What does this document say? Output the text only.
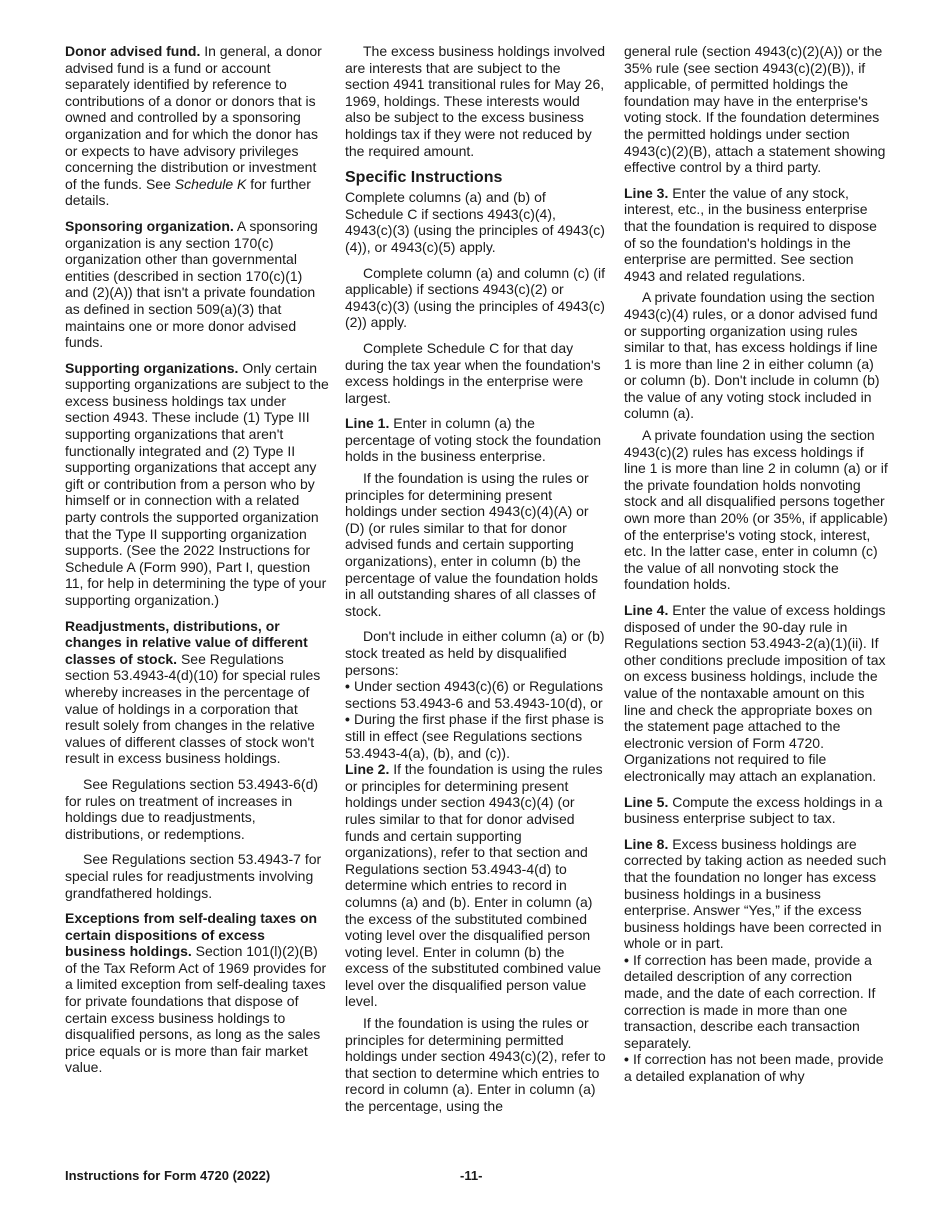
Donor advised fund. In general, a donor advised fund is a fund or account separately identified by reference to contributions of a donor or donors that is owned and controlled by a sponsoring organization and for which the donor has or expects to have advisory privileges concerning the distribution or investment of the funds. See Schedule K for further details.

Sponsoring organization. A sponsoring organization is any section 170(c) organization other than governmental entities (described in section 170(c)(1) and (2)(A)) that isn't a private foundation as defined in section 509(a)(3) that maintains one or more donor advised funds.

Supporting organizations. Only certain supporting organizations are subject to the excess business holdings tax under section 4943. These include (1) Type III supporting organizations that aren't functionally integrated and (2) Type II supporting organizations that accept any gift or contribution from a person who by himself or in connection with a related party controls the supported organization that the Type II supporting organization supports. (See the 2022 Instructions for Schedule A (Form 990), Part I, question 11, for help in determining the type of your supporting organization.)

Readjustments, distributions, or changes in relative value of different classes of stock. See Regulations section 53.4943-4(d)(10) for special rules whereby increases in the percentage of value of holdings in a corporation that result solely from changes in the relative values of different classes of stock won't result in excess business holdings.

See Regulations section 53.4943-6(d) for rules on treatment of increases in holdings due to readjustments, distributions, or redemptions.

See Regulations section 53.4943-7 for special rules for readjustments involving grandfathered holdings.

Exceptions from self-dealing taxes on certain dispositions of excess business holdings. Section 101(l)(2)(B) of the Tax Reform Act of 1969 provides for a limited exception from self-dealing taxes for private foundations that dispose of certain excess business holdings to disqualified persons, as long as the sales price equals or is more than fair market value.

The excess business holdings involved are interests that are subject to the section 4941 transitional rules for May 26, 1969, holdings. These interests would also be subject to the excess business holdings tax if they were not reduced by the required amount.

Specific Instructions

Complete columns (a) and (b) of Schedule C if sections 4943(c)(4), 4943(c)(3) (using the principles of 4943(c)(4)), or 4943(c)(5) apply.

Complete column (a) and column (c) (if applicable) if sections 4943(c)(2) or 4943(c)(3) (using the principles of 4943(c)(2)) apply.

Complete Schedule C for that day during the tax year when the foundation's excess holdings in the enterprise were largest.

Line 1. Enter in column (a) the percentage of voting stock the foundation holds in the business enterprise.

If the foundation is using the rules or principles for determining present holdings under section 4943(c)(4)(A) or (D) (or rules similar to that for donor advised funds and certain supporting organizations), enter in column (b) the percentage of value the foundation holds in all outstanding shares of all classes of stock.

Don't include in either column (a) or (b) stock treated as held by disqualified persons:

• Under section 4943(c)(6) or Regulations sections 53.4943-6 and 53.4943-10(d), or

• During the first phase if the first phase is still in effect (see Regulations sections 53.4943-4(a), (b), and (c)).

Line 2. If the foundation is using the rules or principles for determining present holdings under section 4943(c)(4) (or rules similar to that for donor advised funds and certain supporting organizations), refer to that section and Regulations section 53.4943-4(d) to determine which entries to record in columns (a) and (b). Enter in column (a) the excess of the substituted combined voting level over the disqualified person voting level. Enter in column (b) the excess of the substituted combined value level over the disqualified person value level.

If the foundation is using the rules or principles for determining permitted holdings under section 4943(c)(2), refer to that section to determine which entries to record in column (a). Enter in column (a) the percentage, using the

general rule (section 4943(c)(2)(A)) or the 35% rule (see section 4943(c)(2)(B)), if applicable, of permitted holdings the foundation may have in the enterprise's voting stock. If the foundation determines the permitted holdings under section 4943(c)(2)(B), attach a statement showing effective control by a third party.

Line 3. Enter the value of any stock, interest, etc., in the business enterprise that the foundation is required to dispose of so the foundation's holdings in the enterprise are permitted. See section 4943 and related regulations.

A private foundation using the section 4943(c)(4) rules, or a donor advised fund or supporting organization using rules similar to that, has excess holdings if line 1 is more than line 2 in either column (a) or column (b). Don't include in column (b) the value of any voting stock included in column (a).

A private foundation using the section 4943(c)(2) rules has excess holdings if line 1 is more than line 2 in column (a) or if the private foundation holds nonvoting stock and all disqualified persons together own more than 20% (or 35%, if applicable) of the enterprise's voting stock, interest, etc. In the latter case, enter in column (c) the value of all nonvoting stock the foundation holds.

Line 4. Enter the value of excess holdings disposed of under the 90-day rule in Regulations section 53.4943-2(a)(1)(ii). If other conditions preclude imposition of tax on excess business holdings, include the value of the nontaxable amount on this line and check the appropriate boxes on the statement page attached to the electronic version of Form 4720. Organizations not required to file electronically may attach an explanation.

Line 5. Compute the excess holdings in a business enterprise subject to tax.

Line 8. Excess business holdings are corrected by taking action as needed such that the foundation no longer has excess business holdings in a business enterprise. Answer “Yes,” if the excess business holdings have been corrected in whole or in part.

• If correction has been made, provide a detailed description of any correction made, and the date of each correction. If correction is made in more than one transaction, describe each transaction separately.

• If correction has not been made, provide a detailed explanation of why

Instructions for Form 4720 (2022)	-11-
